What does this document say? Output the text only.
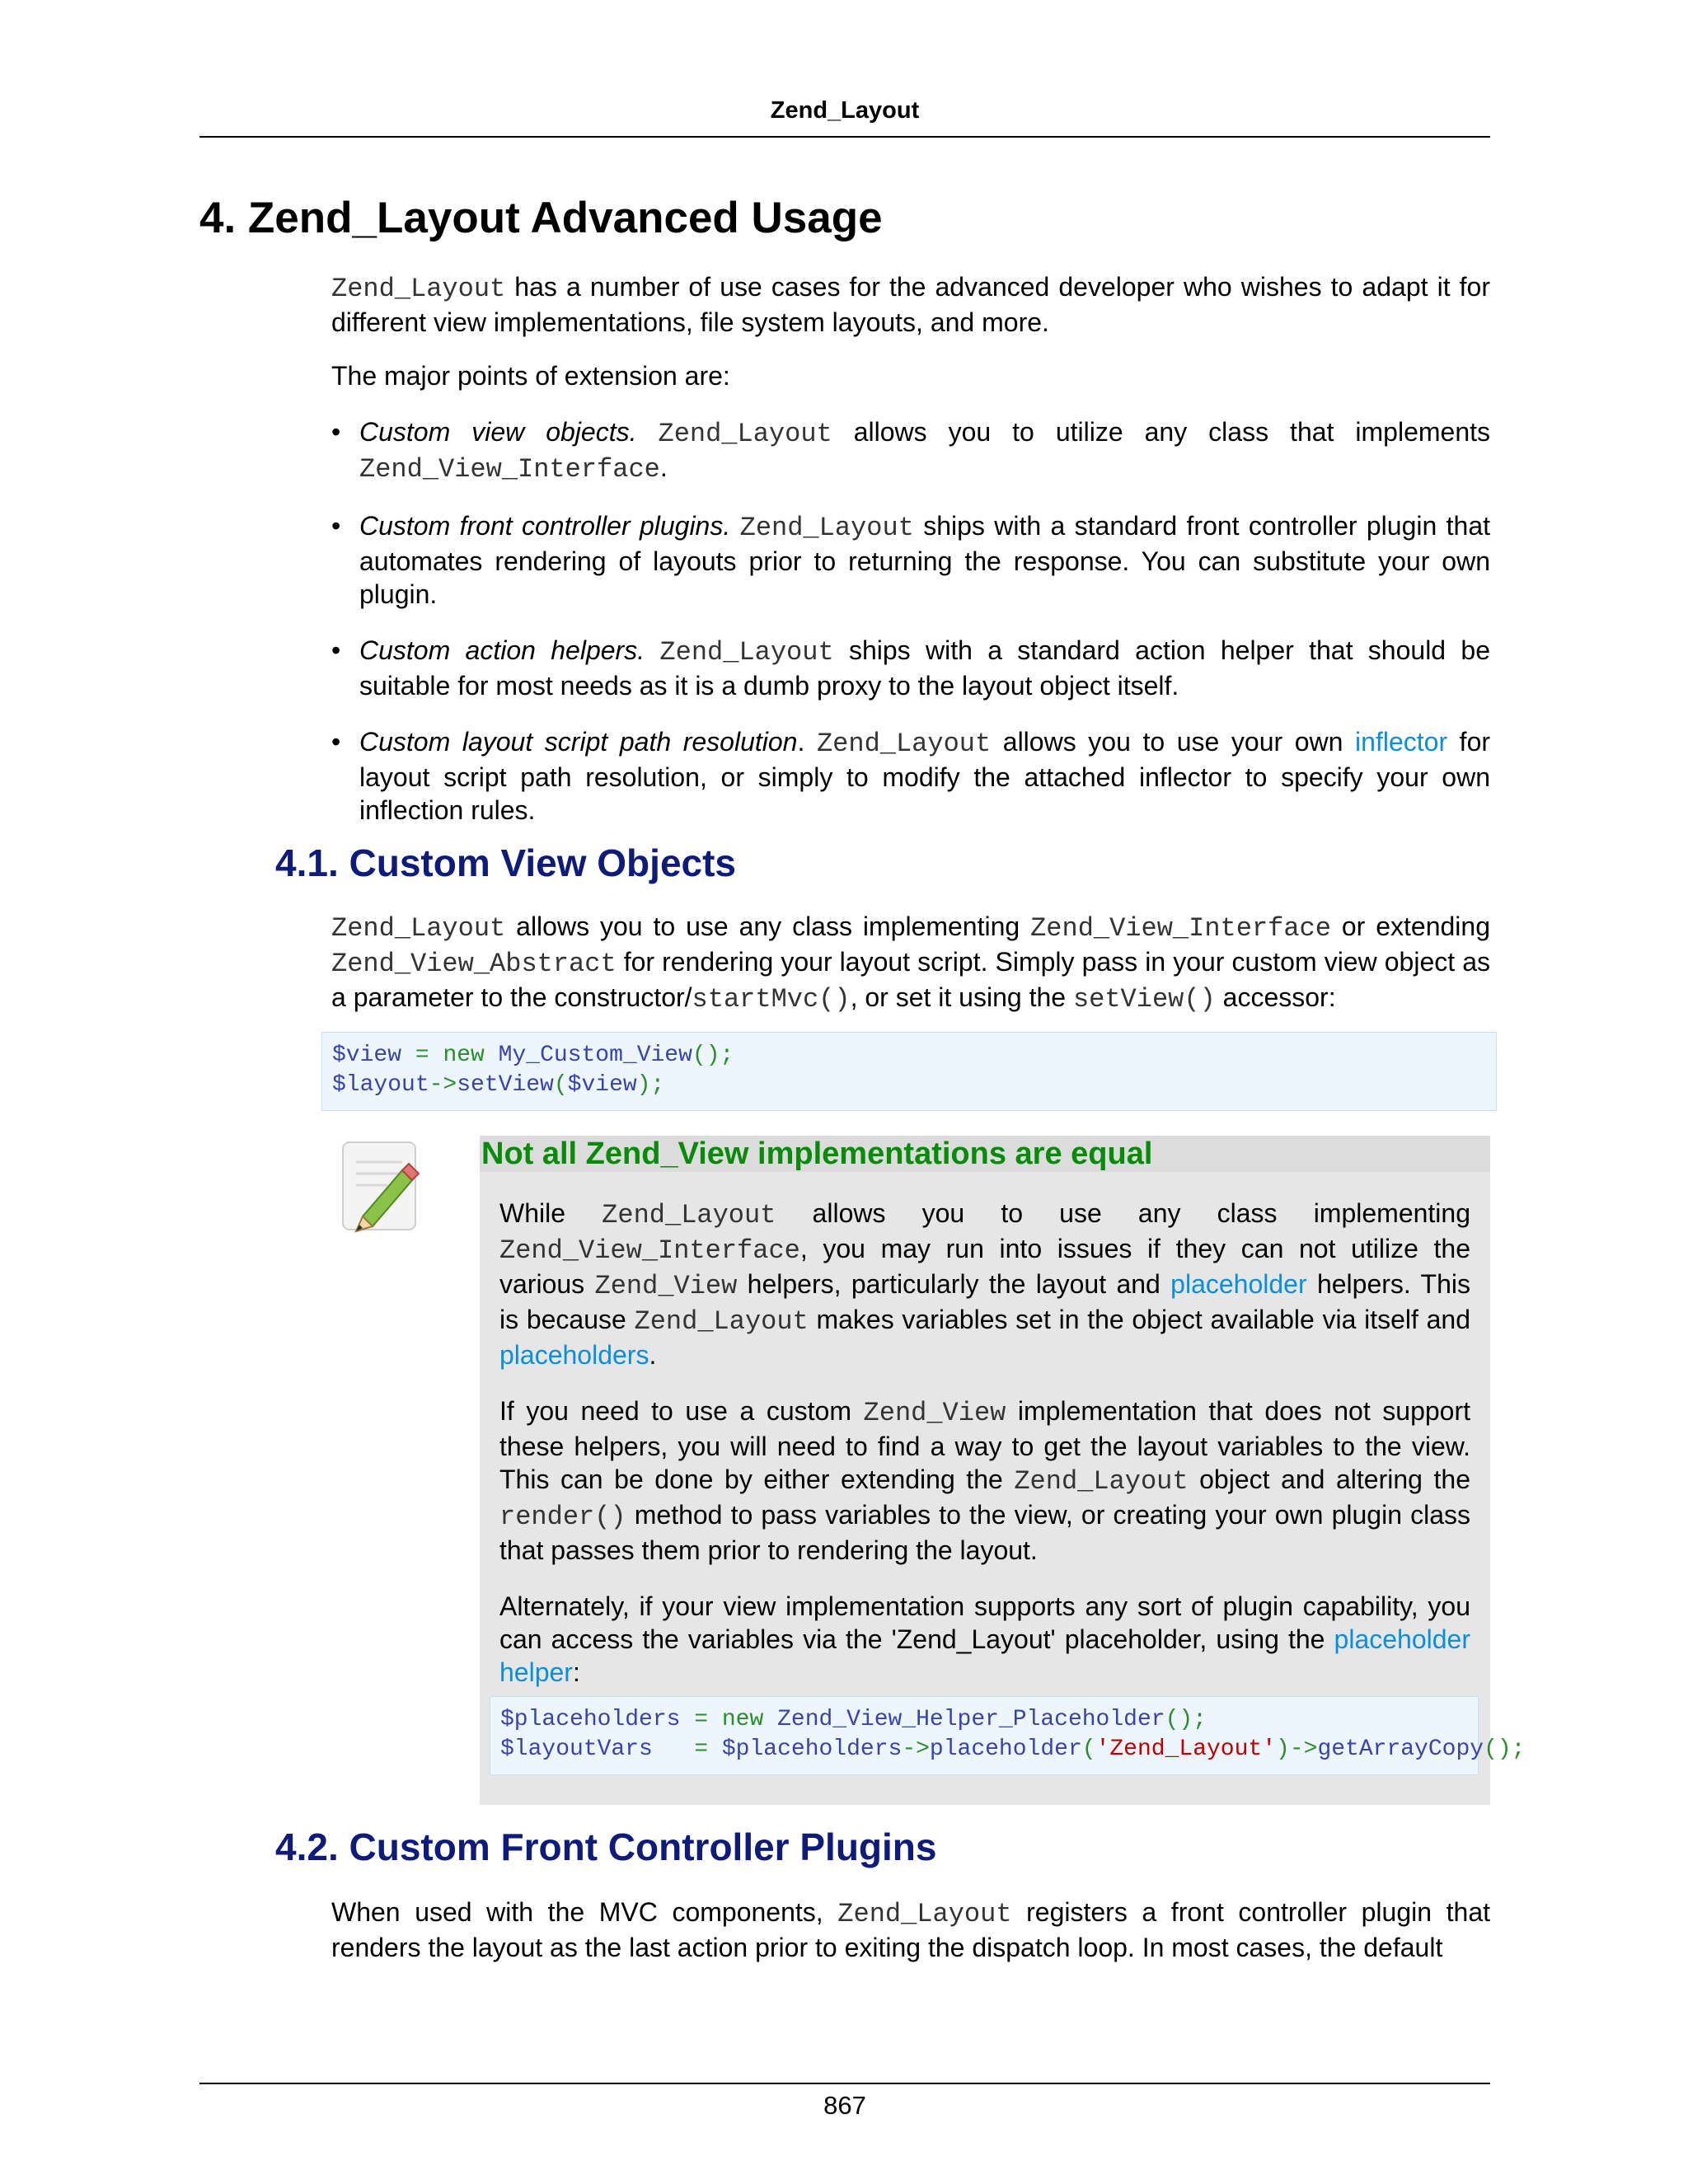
Zend_Layout
4. Zend_Layout Advanced Usage

Zend_Layout has a number of use cases for the advanced developer who wishes to adapt it for different view implementations, file system layouts, and more.

The major points of extension are:
• Custom view objects. Zend_Layout allows you to utilize any class that implements Zend_View_Interface.
• Custom front controller plugins. Zend_Layout ships with a standard front controller plugin that automates rendering of layouts prior to returning the response. You can substitute your own plugin.
• Custom action helpers. Zend_Layout ships with a standard action helper that should be suitable for most needs as it is a dumb proxy to the layout object itself.
• Custom layout script path resolution. Zend_Layout allows you to use your own inflector for layout script path resolution, or simply to modify the attached inflector to specify your own inflection rules.
4.1. Custom View Objects

Zend_Layout allows you to use any class implementing Zend_View_Interface or extending Zend_View_Abstract for rendering your layout script. Simply pass in your custom view object as a parameter to the constructor/startMvc(), or set it using the setView() accessor:

$view = new My_Custom_View();
$layout->setView($view);
Not all Zend_View implementations are equal

While Zend_Layout allows you to use any class implementing Zend_View_Interface, you may run into issues if they can not utilize the various Zend_View helpers, particularly the layout and placeholder helpers. This is because Zend_Layout makes variables set in the object available via itself and placeholders.

If you need to use a custom Zend_View implementation that does not support these helpers, you will need to find a way to get the layout variables to the view. This can be done by either extending the Zend_Layout object and altering the render() method to pass variables to the view, or creating your own plugin class that passes them prior to rendering the layout.

Alternately, if your view implementation supports any sort of plugin capability, you can access the variables via the 'Zend_Layout' placeholder, using the placeholder helper:

$placeholders = new Zend_View_Helper_Placeholder();
$layoutVars = $placeholders->placeholder('Zend_Layout')->getArrayCopy();
4.2. Custom Front Controller Plugins

When used with the MVC components, Zend_Layout registers a front controller plugin that renders the layout as the last action prior to exiting the dispatch loop. In most cases, the default

867
